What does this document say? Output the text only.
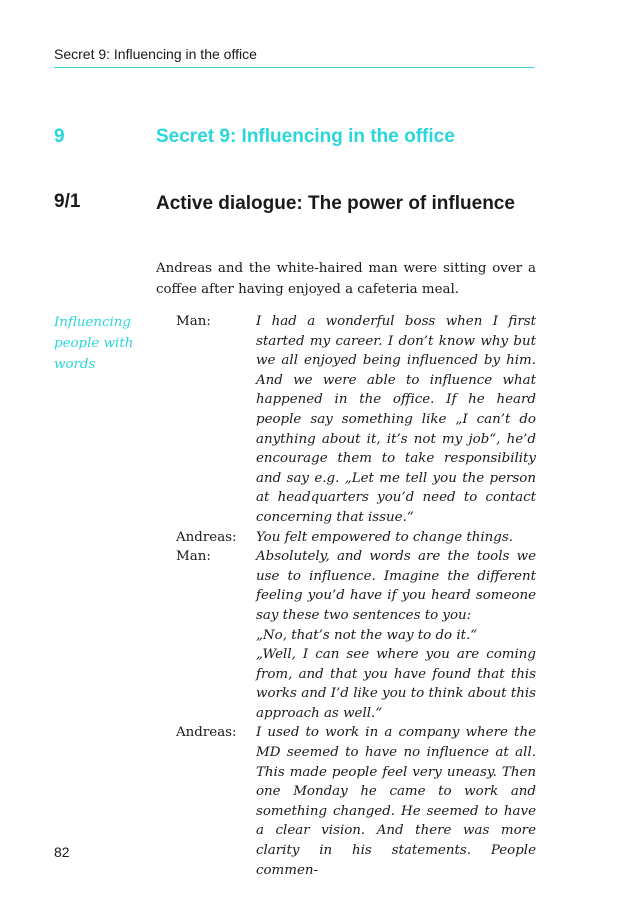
Secret 9: Influencing in the office
9	Secret 9: Influencing in the office
9/1	Active dialogue: The power of influence
Andreas and the white-haired man were sitting over a coffee after having enjoyed a cafeteria meal.
Influencing people with words
Man:	I had a wonderful boss when I first started my career. I don’t know why but we all enjoyed being influenced by him. And we were able to influence what happened in the office. If he heard people say something like „I can’t do anything about it, it’s not my job“, he’d encourage them to take responsibility and say e.g. „Let me tell you the person at headquarters you’d need to contact concerning that issue.“
Andreas:	You felt empowered to change things.
Man:	Absolutely, and words are the tools we use to influence. Imagine the different feeling you’d have if you heard someone say these two sentences to you:
„No, that’s not the way to do it.“
„Well, I can see where you are coming from, and that you have found that this works and I’d like you to think about this approach as well.“
Andreas:	I used to work in a company where the MD seemed to have no influence at all. This made people feel very uneasy. Then one Monday he came to work and something changed. He seemed to have a clear vision. And there was more clarity in his statements. People commen-
82
